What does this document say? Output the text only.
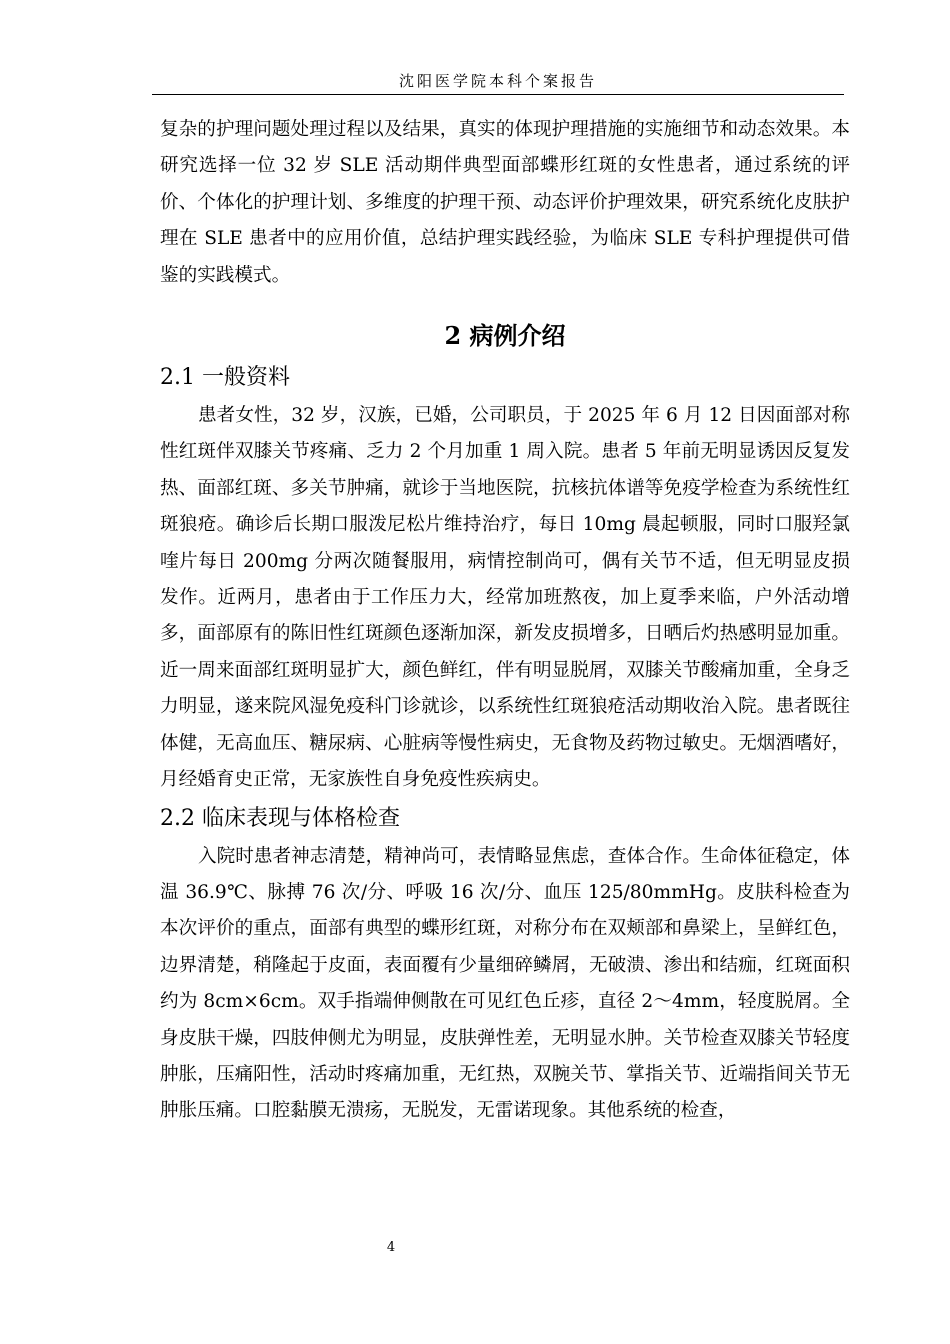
沈阳医学院本科个案报告

复杂的护理问题处理过程以及结果，真实的体现护理措施的实施细节和动态效果。本研究选择一位 32 岁 SLE 活动期伴典型面部蝶形红斑的女性患者，通过系统的评价、个体化的护理计划、多维度的护理干预、动态评价护理效果，研究系统化皮肤护理在 SLE 患者中的应用价值，总结护理实践经验，为临床 SLE 专科护理提供可借鉴的实践模式。

2 病例介绍
2.1 一般资料

患者女性，32 岁，汉族，已婚，公司职员，于 2025 年 6 月 12 日因面部对称性红斑伴双膝关节疼痛、乏力 2 个月加重 1 周入院。患者 5 年前无明显诱因反复发热、面部红斑、多关节肿痛，就诊于当地医院，抗核抗体谱等免疫学检查为系统性红斑狼疮。确诊后长期口服泼尼松片维持治疗，每日 10mg 晨起顿服，同时口服羟氯喹片每日 200mg 分两次随餐服用，病情控制尚可，偶有关节不适，但无明显皮损发作。近两月，患者由于工作压力大，经常加班熬夜，加上夏季来临，户外活动增多，面部原有的陈旧性红斑颜色逐渐加深，新发皮损增多，日晒后灼热感明显加重。近一周来面部红斑明显扩大，颜色鲜红，伴有明显脱屑，双膝关节酸痛加重，全身乏力明显，遂来院风湿免疫科门诊就诊，以系统性红斑狼疮活动期收治入院。患者既往体健，无高血压、糖尿病、心脏病等慢性病史，无食物及药物过敏史。无烟酒嗜好，月经婚育史正常，无家族性自身免疫性疾病史。

2.2 临床表现与体格检查

入院时患者神志清楚，精神尚可，表情略显焦虑，查体合作。生命体征稳定，体温 36.9℃、脉搏 76 次/分、呼吸 16 次/分、血压 125/80mmHg。皮肤科检查为本次评价的重点，面部有典型的蝶形红斑，对称分布在双颊部和鼻梁上，呈鲜红色，边界清楚，稍隆起于皮面，表面覆有少量细碎鳞屑，无破溃、渗出和结痂，红斑面积约为 8cm×6cm。双手指端伸侧散在可见红色丘疹，直径 2～4mm，轻度脱屑。全身皮肤干燥，四肢伸侧尤为明显，皮肤弹性差，无明显水肿。关节检查双膝关节轻度肿胀，压痛阳性，活动时疼痛加重，无红热，双腕关节、掌指关节、近端指间关节无肿胀压痛。口腔黏膜无溃疡，无脱发，无雷诺现象。其他系统的检查，

4
